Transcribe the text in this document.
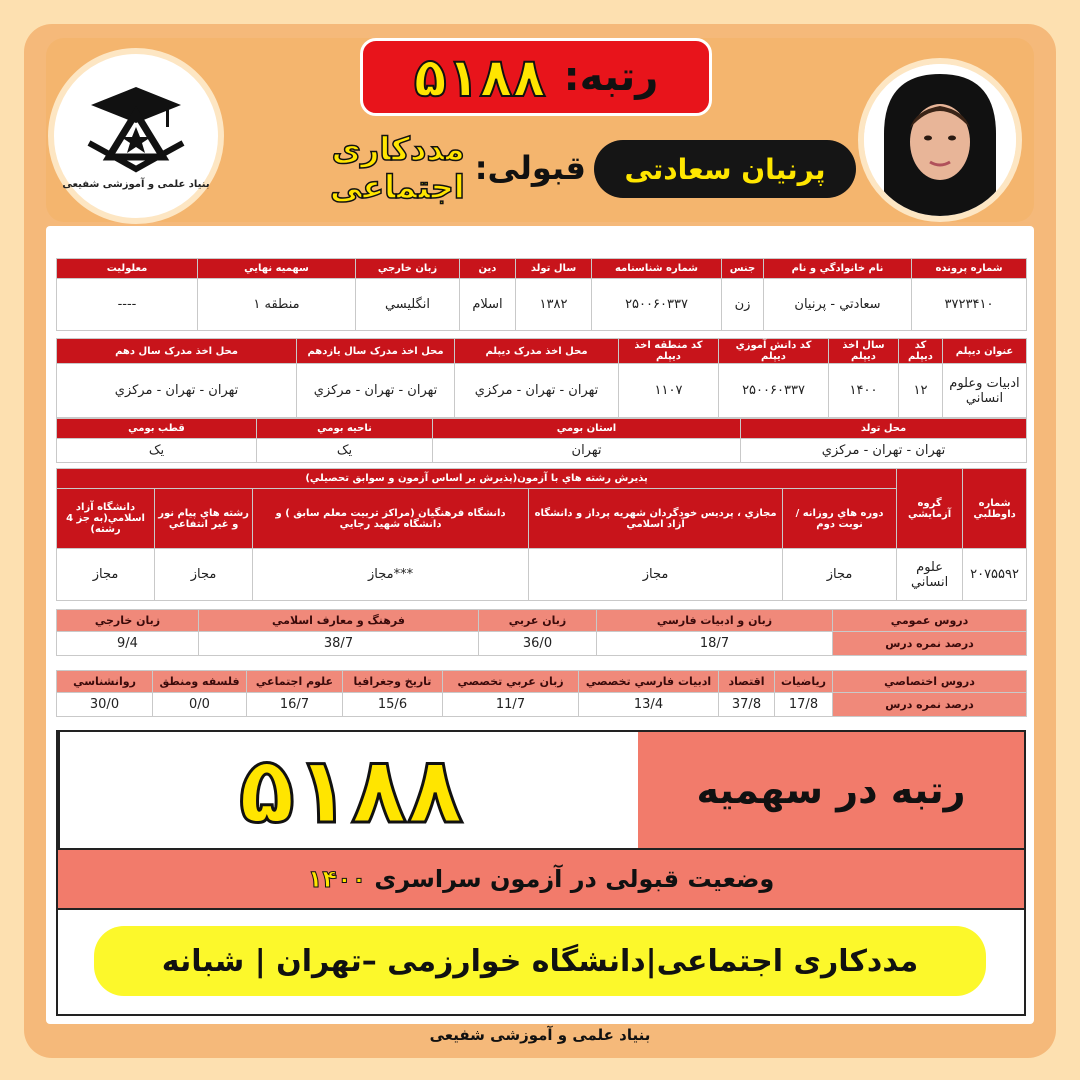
بنیاد علمی و آموزشی شفیعی
رتبه:
۵۱۸۸
پرنیان سعادتی
قبولی:
مددکاری اجتماعی
شماره پرونده	نام خانوادگي و نام	جنس	شماره شناسنامه	سال تولد	دين	زبان خارجي	سهميه نهايي	معلوليت
۳۷۲۳۴۱۰	سعادتي - پرنيان	زن	۲۵۰۰۶۰۳۳۷	۱۳۸۲	اسلام	انگليسي	منطقه ۱	----
عنوان ديپلم	کد ديپلم	سال اخذ ديپلم	کد دانش آموزي ديپلم	کد منطقه اخذ ديپلم	محل اخذ مدرک ديپلم	محل اخذ مدرک سال يازدهم	محل اخذ مدرک سال دهم
ادبيات وعلوم انساني	۱۲	۱۴۰۰	۲۵۰۰۶۰۳۳۷	۱۱۰۷	تهران - تهران - مرکزي	تهران - تهران - مرکزي	تهران - تهران - مرکزي
محل تولد	استان بومي	ناحيه بومي	قطب بومي
تهران - تهران - مرکزي	تهران	يک	يک
شماره داوطلبي	گروه آزمايشي	پذيرش رشته هاي با آزمون(پذيرش بر اساس آزمون و سوابق تحصيلي)				
		دوره هاي روزانه / نوبت دوم	مجازي ، پرديس خودگردان شهريه پرداز و دانشگاه آزاد اسلامي	دانشگاه فرهنگيان (مراکز تربيت معلم سابق ) و دانشگاه شهيد رجايي	رشته هاي پيام نور و غير انتفاعي	دانشگاه آزاد اسلامي(به جز 4 رشته)
۲۰۷۵۵۹۲	علوم انساني	مجاز	مجاز	***مجاز	مجاز	مجاز
دروس عمومي	زبان و ادبيات فارسي	زبان عربي	فرهنگ و معارف اسلامي	زبان خارجي
درصد نمره درس	18/7	36/0	38/7	9/4
دروس اختصاصي	رياضيات	اقتصاد	ادبيات فارسي تخصصي	زبان عربي تخصصي	تاريخ وجغرافيا	علوم اجتماعي	فلسفه ومنطق	روانشناسي
درصد نمره درس	17/8	37/8	13/4	11/7	15/6	16/7	0/0	30/0
رتبه در سهمیه
۵۱۸۸
وضعیت قبولی در آزمون سراسری
۱۴۰۰
مددکاری اجتماعی|دانشگاه خوارزمی –تهران | شبانه
بنیاد علمی و آموزشی شفیعی
